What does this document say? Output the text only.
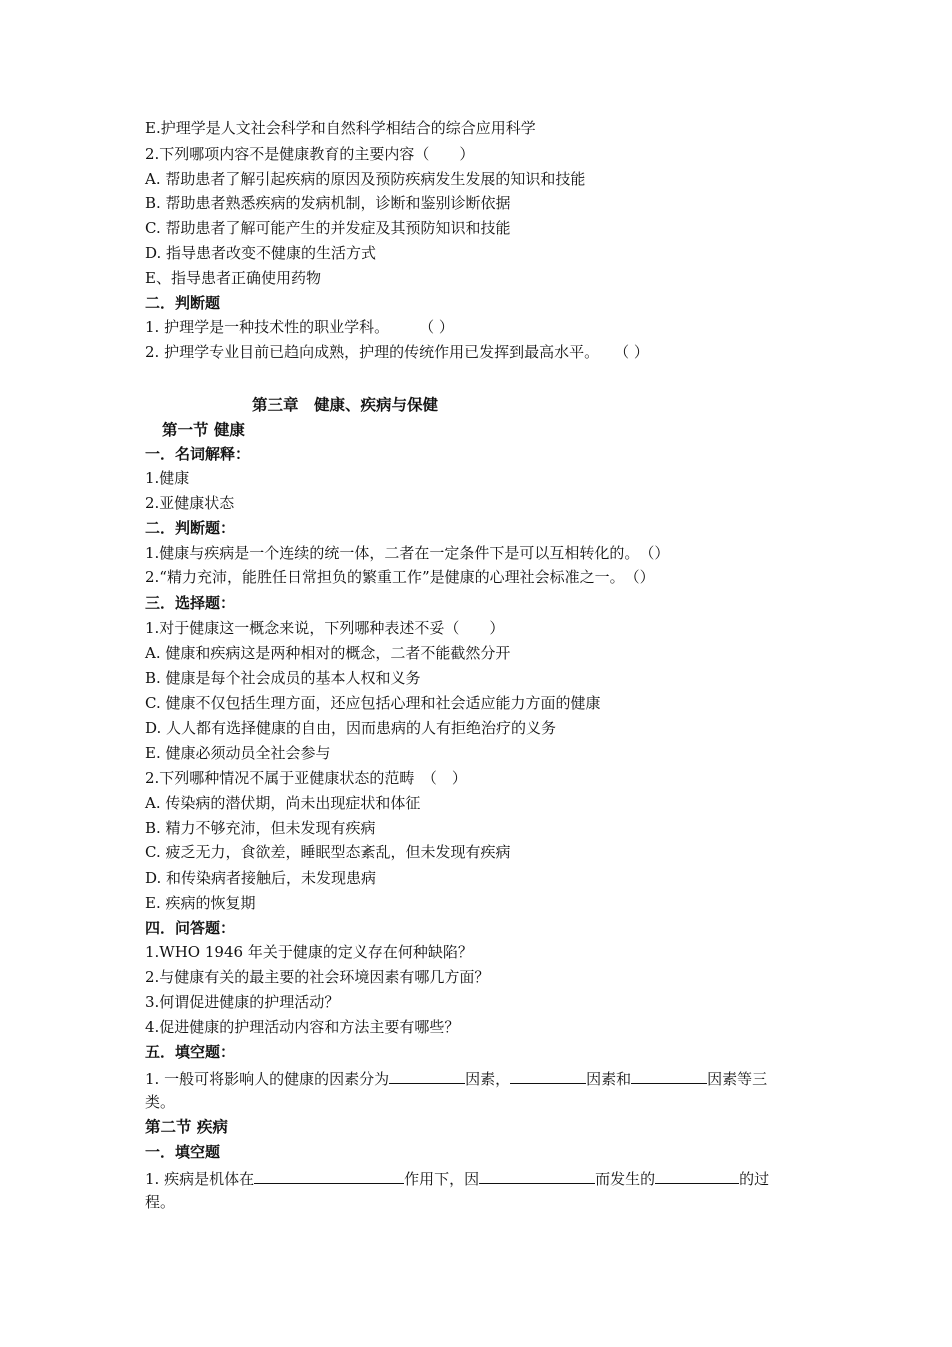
E.护理学是人文社会科学和自然科学相结合的综合应用科学
2.下列哪项内容不是健康教育的主要内容（　　）
A. 帮助患者了解引起疾病的原因及预防疾病发生发展的知识和技能
B. 帮助患者熟悉疾病的发病机制，诊断和鉴别诊断依据
C. 帮助患者了解可能产生的并发症及其预防知识和技能
D. 指导患者改变不健康的生活方式
E、指导患者正确使用药物
二．判断题
1. 护理学是一种技术性的职业学科。　　　（ ）
2. 护理学专业目前已趋向成熟，护理的传统作用已发挥到最高水平。　　（ ）
第三章　健康、疾病与保健
第一节 健康
一．名词解释：
1.健康
2.亚健康状态
二．判断题：
1.健康与疾病是一个连续的统一体，二者在一定条件下是可以互相转化的。　（）
2.“精力充沛，能胜任日常担负的繁重工作”是健康的心理社会标准之一。　（）
三．选择题：
1.对于健康这一概念来说，下列哪种表述不妥（　　）
A. 健康和疾病这是两种相对的概念，二者不能截然分开
B. 健康是每个社会成员的基本人权和义务
C. 健康不仅包括生理方面，还应包括心理和社会适应能力方面的健康
D. 人人都有选择健康的自由，因而患病的人有拒绝治疗的义务
E. 健康必须动员全社会参与
2.下列哪种情况不属于亚健康状态的范畴　（　）
A. 传染病的潜伏期，尚未出现症状和体征
B. 精力不够充沛，但未发现有疾病
C. 疲乏无力，食欲差，睡眠型态紊乱，但未发现有疾病
D. 和传染病者接触后，未发现患病
E. 疾病的恢复期
四．问答题：
1.WHO 1946 年关于健康的定义存在何种缺陷？
2.与健康有关的最主要的社会环境因素有哪几方面？
3.何谓促进健康的护理活动？
4.促进健康的护理活动内容和方法主要有哪些？
五．填空题：
1. 一般可将影响人的健康的因素分为	因素，	因素和	因素等三
类。
第二节 疾病
一．填空题
1. 疾病是机体在	作用下，因	而发生的	的过
程。
